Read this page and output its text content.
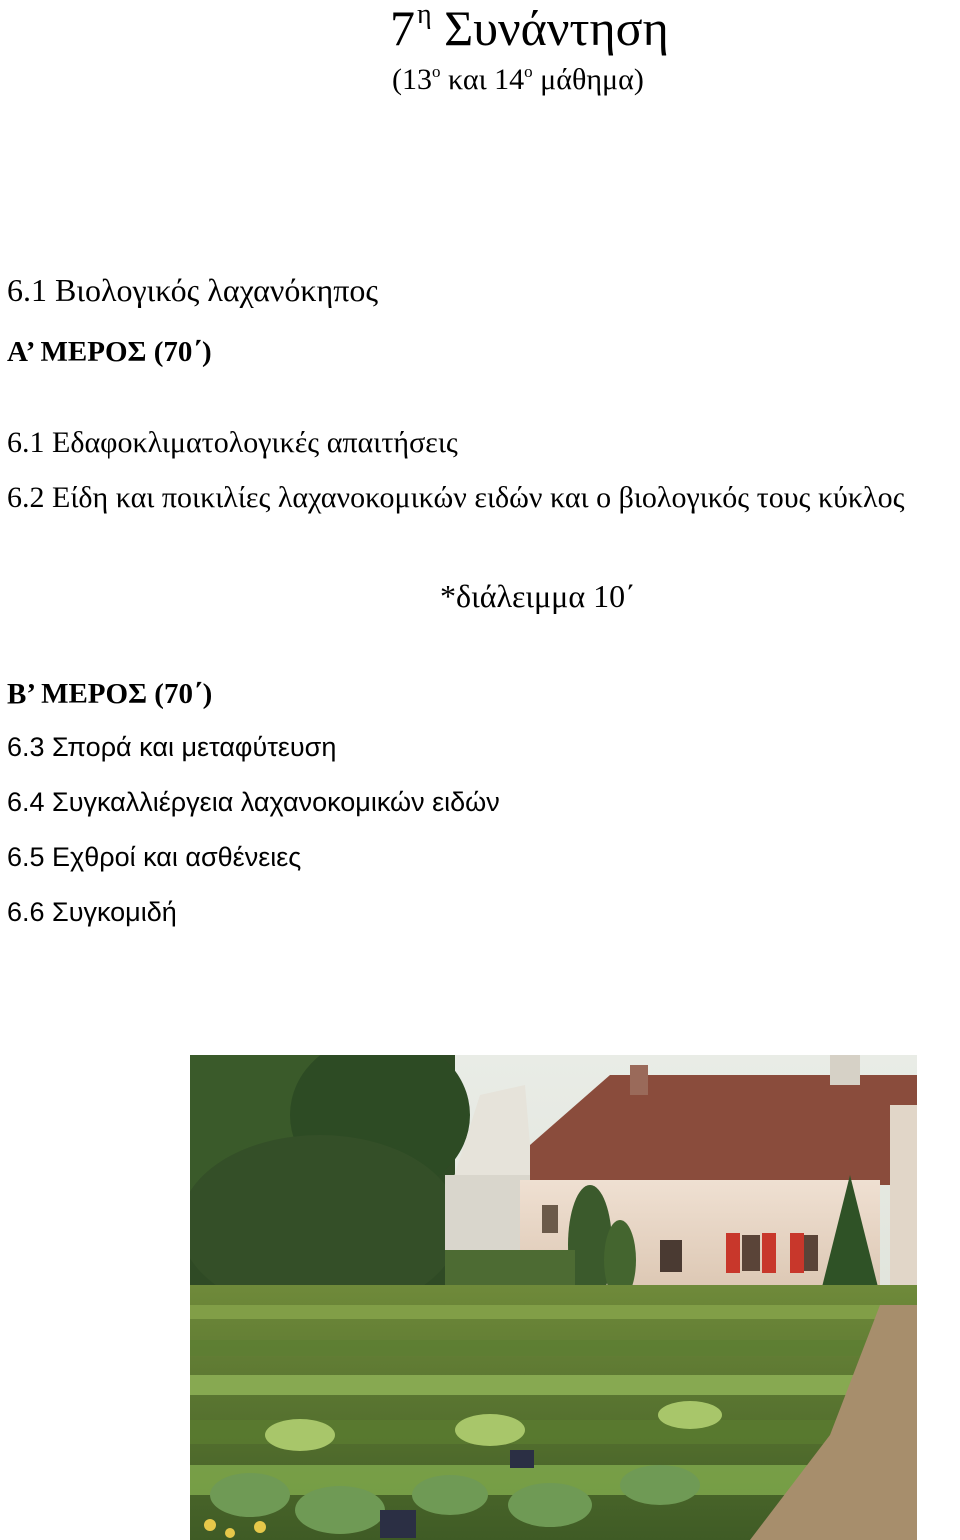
$7^\eta$ Συνάντηση
($13^o$ και $14^o$ μάθημα)
6.1 Βιολογικός λαχανόκηπος
Α’ ΜΕΡΟΣ (70΄)
6.1 Εδαφοκλιματολογικές απαιτήσεις
6.2 Είδη και ποικιλίες λαχανοκομικών ειδών και ο βιολογικός τους κύκλος
*διάλειμμα 10΄
Β’ ΜΕΡΟΣ (70΄)
6.3 Σπορά και μεταφύτευση
6.4 Συγκαλλιέργεια λαχανοκομικών ειδών
6.5 Εχθροί και ασθένειες
6.6 Συγκομιδή
